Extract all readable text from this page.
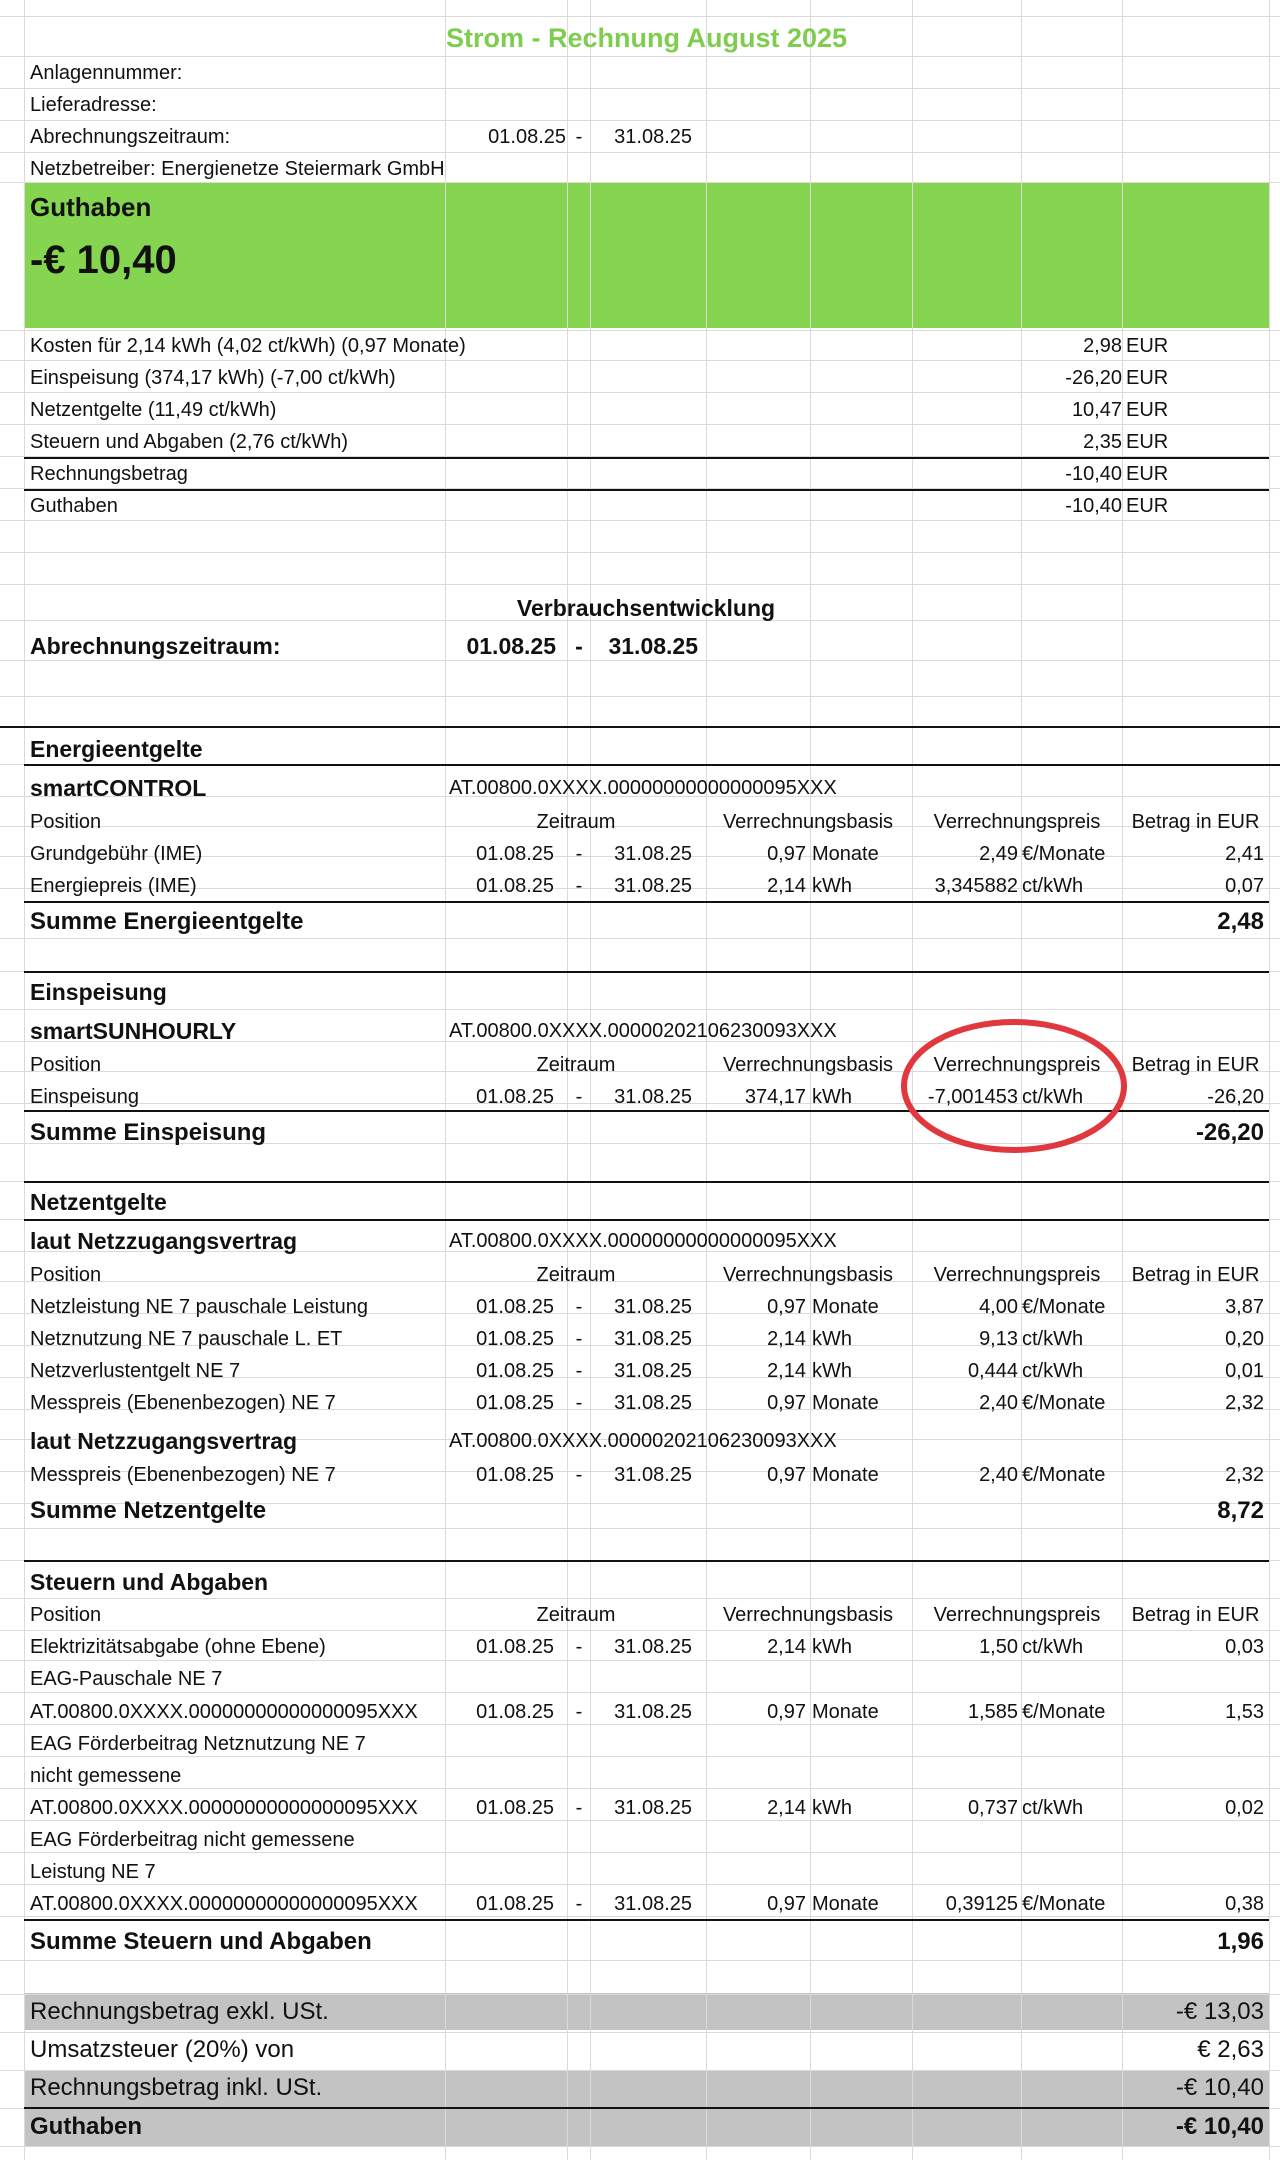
Strom - Rechnung August 2025
Anlagennummer:
Lieferadresse:
Abrechnungszeitraum:	01.08.25 -	31.08.25
Netzbetreiber: Energienetze Steiermark GmbH
Guthaben
-€ 10,40
Kosten für 2,14 kWh (4,02 ct/kWh) (0,97 Monate)	2,98 EUR
Einspeisung (374,17 kWh) (-7,00 ct/kWh)	-26,20 EUR
Netzentgelte (11,49 ct/kWh)	10,47 EUR
Steuern und Abgaben (2,76 ct/kWh)	2,35 EUR
Rechnungsbetrag	-10,40 EUR
Guthaben	-10,40 EUR
Verbrauchsentwicklung
Abrechnungszeitraum:	01.08.25 -	31.08.25
Energieentgelte
smartCONTROL	AT.00800.0XXXX.00000000000000095XXX
Position	Zeitraum	Verrechnungsbasis	Verrechnungspreis	Betrag in EUR
Grundgebühr (IME)	01.08.25	-	31.08.25	0,97 Monate	2,49 €/Monate	2,41
Energiepreis (IME)	01.08.25	-	31.08.25	2,14 kWh	3,345882 ct/kWh	0,07
Summe Energieentgelte	2,48
Einspeisung
smartSUNHOURLY	AT.00800.0XXXX.00000202106230093XXX
Position	Zeitraum	Verrechnungsbasis	Verrechnungspreis	Betrag in EUR
Einspeisung	01.08.25	-	31.08.25	374,17 kWh	-7,001453 ct/kWh	-26,20
Summe Einspeisung	-26,20
Netzentgelte
laut Netzzugangsvertrag	AT.00800.0XXXX.00000000000000095XXX
Position	Zeitraum	Verrechnungsbasis	Verrechnungspreis	Betrag in EUR
Netzleistung NE 7 pauschale Leistung	01.08.25	-	31.08.25	0,97 Monate	4,00 €/Monate	3,87
Netznutzung NE 7 pauschale L. ET	01.08.25	-	31.08.25	2,14 kWh	9,13 ct/kWh	0,20
Netzverlustentgelt NE 7	01.08.25	-	31.08.25	2,14 kWh	0,444 ct/kWh	0,01
Messpreis (Ebenenbezogen) NE 7	01.08.25	-	31.08.25	0,97 Monate	2,40 €/Monate	2,32
laut Netzzugangsvertrag	AT.00800.0XXXX.00000202106230093XXX
Messpreis (Ebenenbezogen) NE 7	01.08.25	-	31.08.25	0,97 Monate	2,40 €/Monate	2,32
Summe Netzentgelte	8,72
Steuern und Abgaben
Position	Zeitraum	Verrechnungsbasis	Verrechnungspreis	Betrag in EUR
Elektrizitätsabgabe (ohne Ebene)	01.08.25	-	31.08.25	2,14 kWh	1,50 ct/kWh	0,03
EAG-Pauschale NE 7
AT.00800.0XXXX.00000000000000095XXX	01.08.25	-	31.08.25	0,97 Monate	1,585 €/Monate	1,53
EAG Förderbeitrag Netznutzung NE 7
nicht gemessene
AT.00800.0XXXX.00000000000000095XXX	01.08.25	-	31.08.25	2,14 kWh	0,737 ct/kWh	0,02
EAG Förderbeitrag nicht gemessene
Leistung NE 7
AT.00800.0XXXX.00000000000000095XXX	01.08.25	-	31.08.25	0,97 Monate	0,39125 €/Monate	0,38
Summe Steuern und Abgaben	1,96
Rechnungsbetrag exkl. USt.	-€ 13,03
Umsatzsteuer (20%) von	€ 2,63
Rechnungsbetrag inkl. USt.	-€ 10,40
Guthaben	-€ 10,40
